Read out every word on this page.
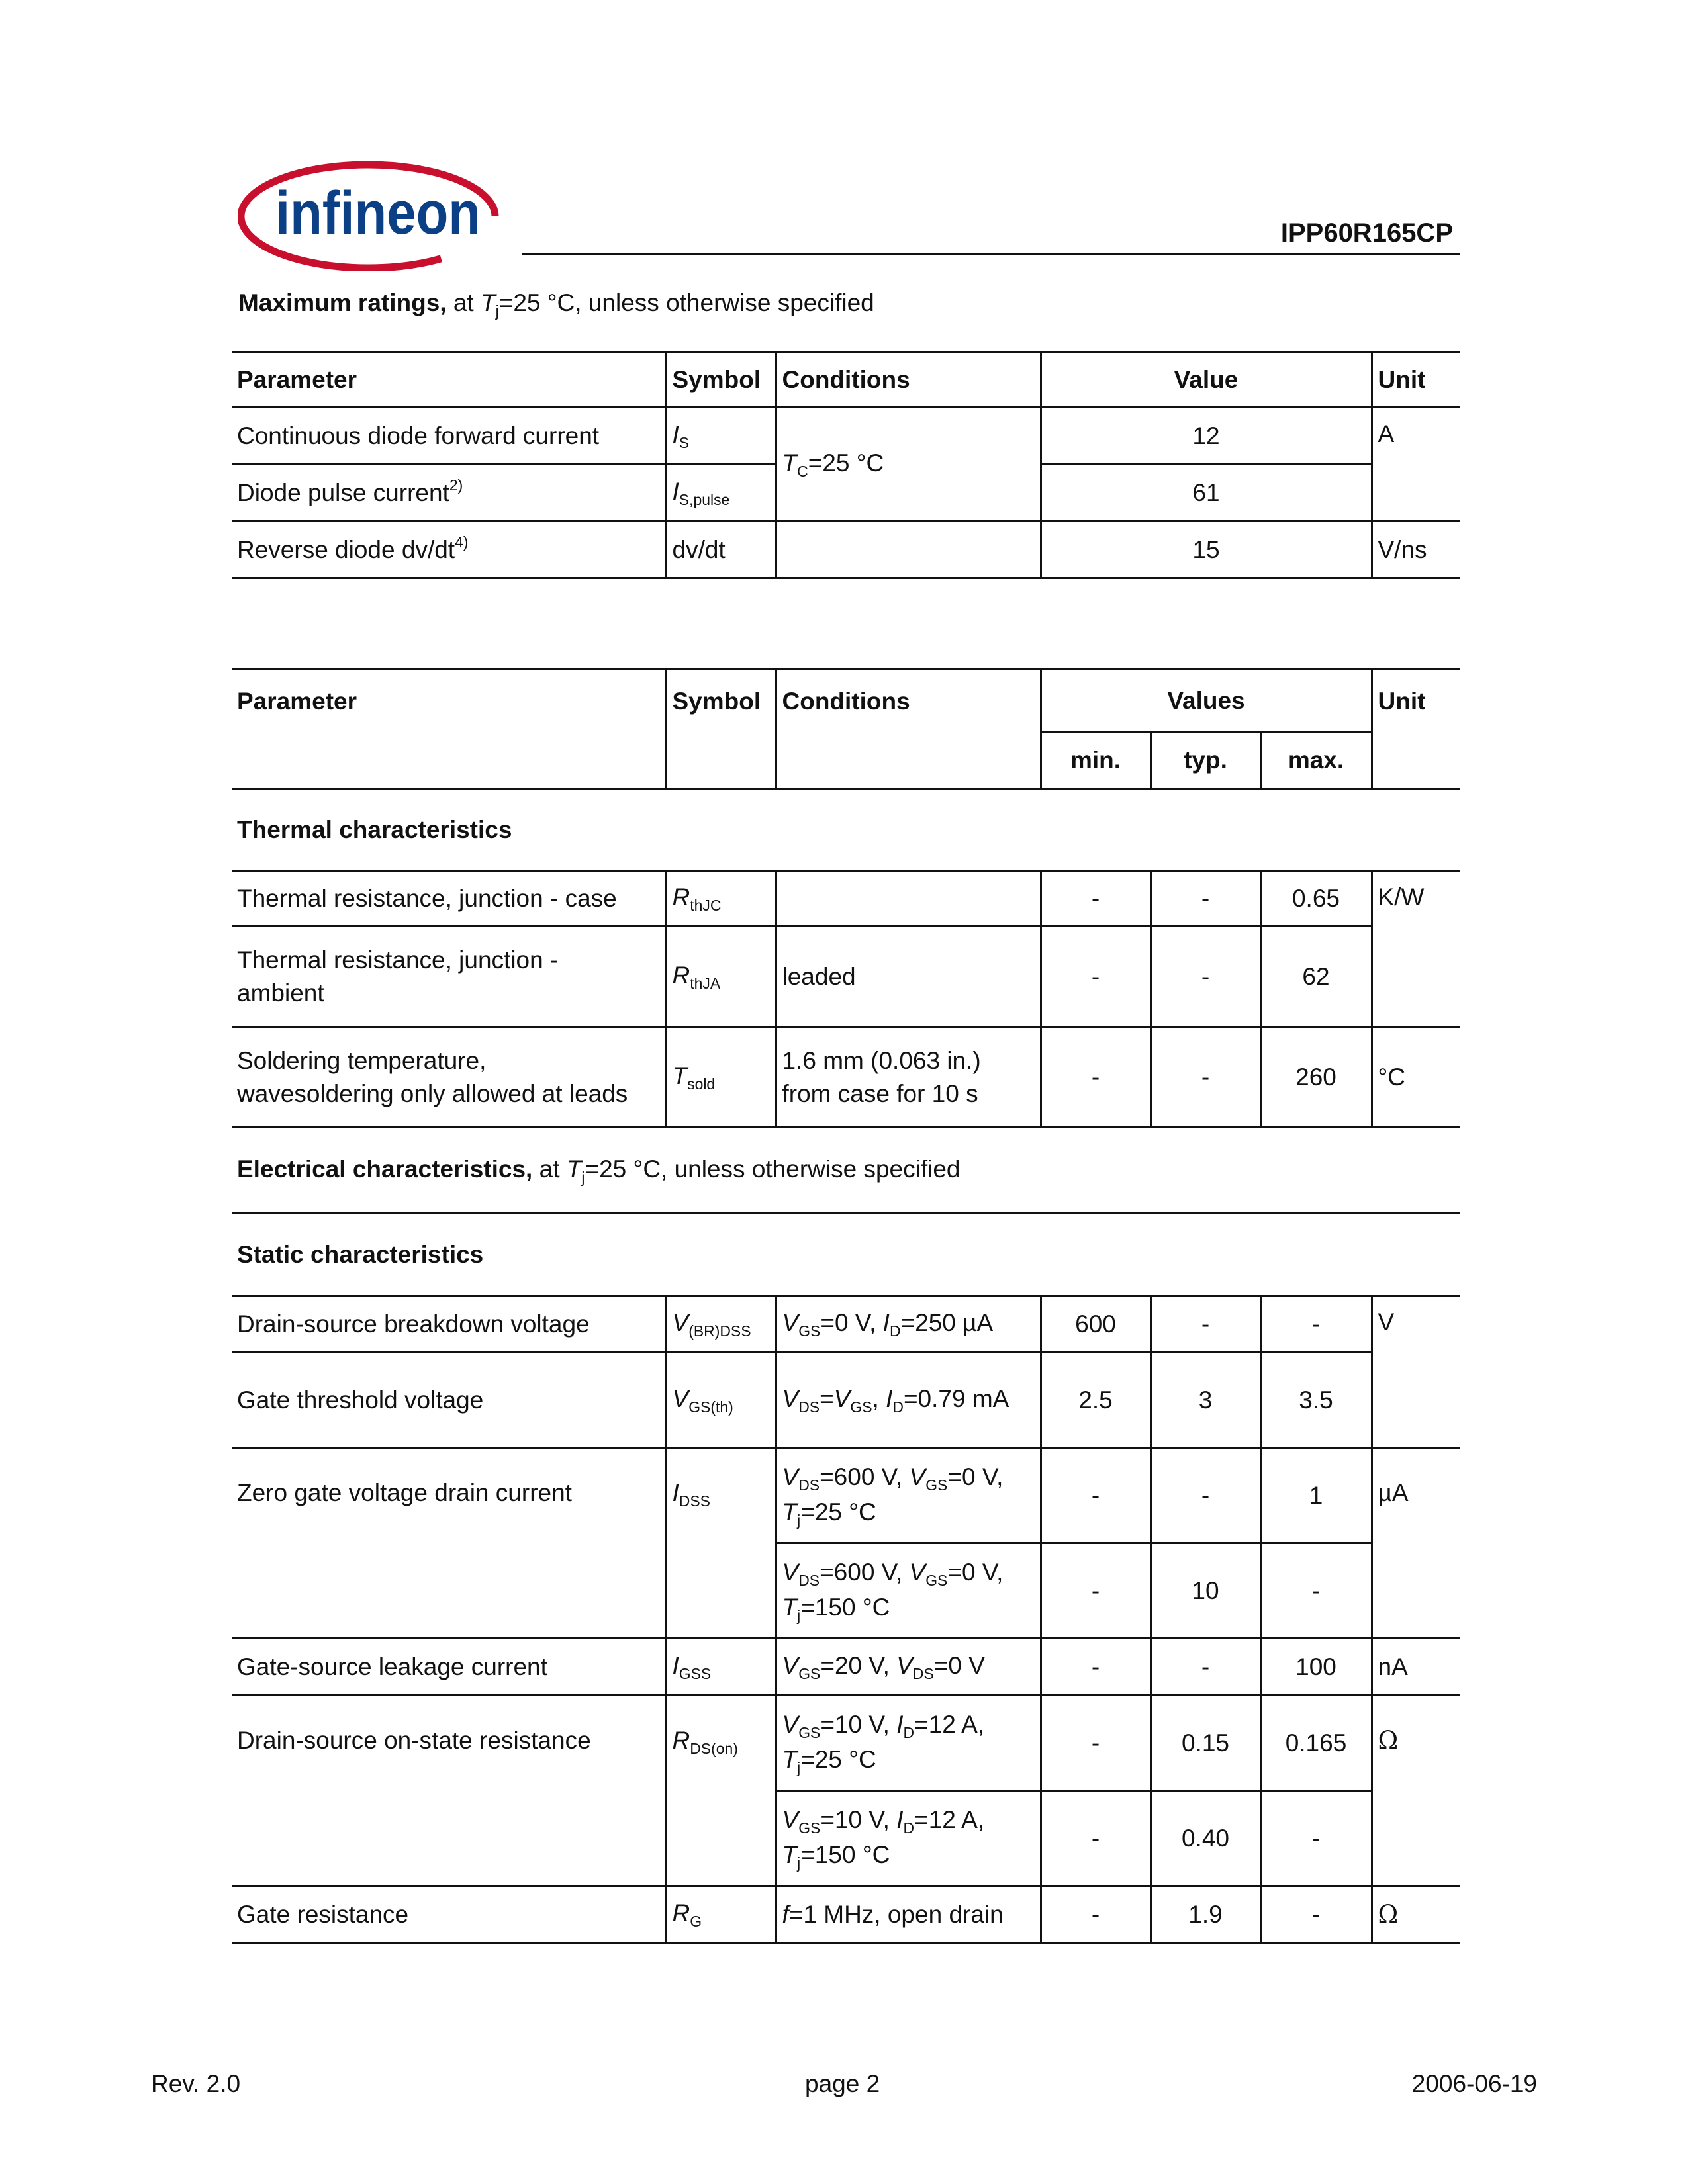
infineon	IPP60R165CP
Maximum ratings, at $T_j=25$ °C, unless otherwise specified
Parameter	Symbol	Conditions	Value	Unit
Continuous diode forward current	$I_S$	$T_C=25$ °C	12	A
Diode pulse current$^{2)}$	$I_{S,pulse}$		61	
Reverse diode $dv/dt^{4)}$	dv/dt		15	V/ns
Parameter	Symbol	Conditions	Values			Unit
			min.	typ.	max.	
Thermal characteristics						
Thermal resistance, junction - case	$R_{thJC}$		-	-	0.65	K/W
Thermal resistance, junction -
ambient	$R_{thJA}$	leaded	-	-	62	
Soldering temperature,
wavesoldering only allowed at leads	$T_{sold}$	1.6 mm (0.063 in.)
from case for 10 s	-	-	260	°C
Electrical characteristics, at $T_j=25$ °C, unless otherwise specified						
Static characteristics						
Drain-source breakdown voltage	$V_{(BR)DSS}$	$V_{GS}=0$ V, $I_D=250$ µA	600	-	-	V
Gate threshold voltage	$V_{GS(th)}$	$V_{DS}=V_{GS}$, $I_D=0.79$ mA	2.5	3	3.5	
Zero gate voltage drain current	$I_{DSS}$	$V_{DS}=600$ V, $V_{GS}=0$ V,
$T_j=25$ °C	-	-	1	µA
		$V_{DS}=600$ V, $V_{GS}=0$ V,
$T_j=150$ °C	-	10	-	
Gate-source leakage current	$I_{GSS}$	$V_{GS}=20$ V, $V_{DS}=0$ V	-	-	100	nA
Drain-source on-state resistance	$R_{DS(on)}$	$V_{GS}=10$ V, $I_D=12$ A,
$T_j=25$ °C	-	0.15	0.165	Ω
		$V_{GS}=10$ V, $I_D=12$ A,
$T_j=150$ °C	-	0.40	-	
Gate resistance	$R_G$	f=1 MHz, open drain	-	1.9	-	Ω
Rev. 2.0	page 2	2006-06-19
